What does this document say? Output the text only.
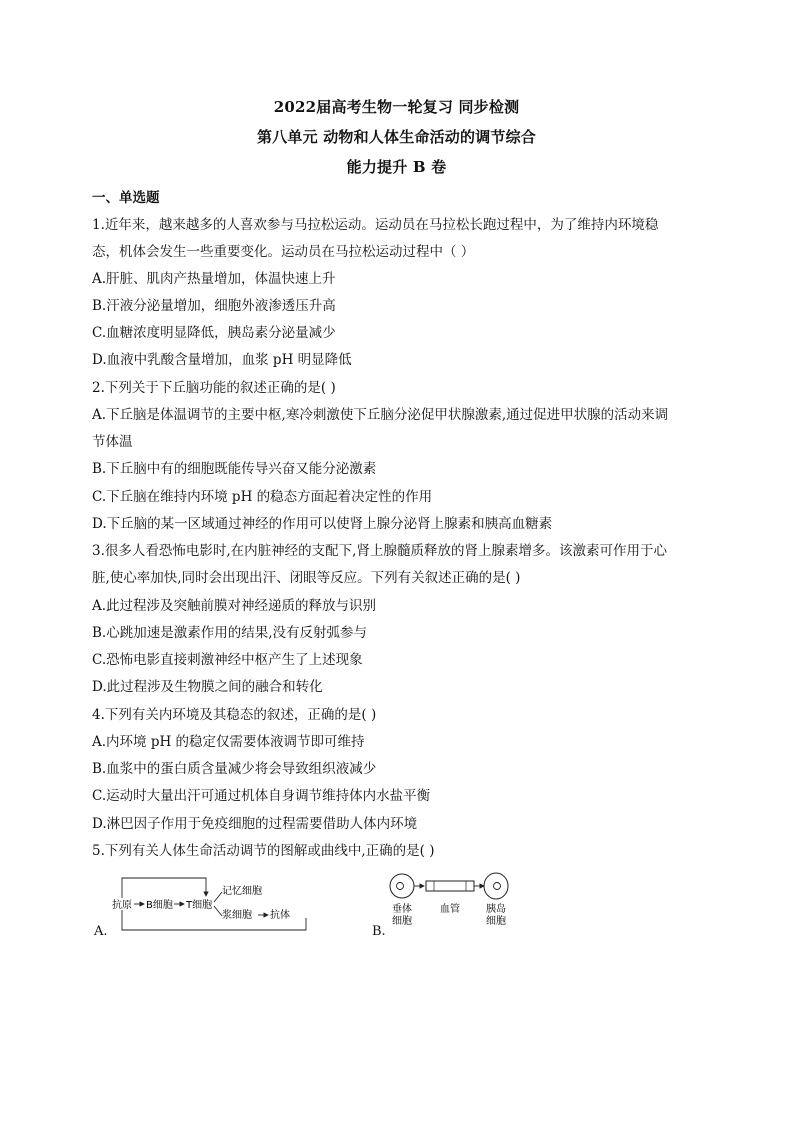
2022届高考生物一轮复习 同步检测
第八单元 动物和人体生命活动的调节综合
能力提升 B 卷
一、单选题
1.近年来，越来越多的人喜欢参与马拉松运动。运动员在马拉松长跑过程中，为了维持内环境稳
态，机体会发生一些重要变化。运动员在马拉松运动过程中（ ）
A.肝脏、肌肉产热量增加，体温快速上升
B.汗液分泌量增加，细胞外液渗透压升高
C.血糖浓度明显降低，胰岛素分泌量减少
D.血液中乳酸含量增加，血浆 pH 明显降低
2.下列关于下丘脑功能的叙述正确的是( )
A.下丘脑是体温调节的主要中枢,寒冷刺激使下丘脑分泌促甲状腺激素,通过促进甲状腺的活动来调
节体温
B.下丘脑中有的细胞既能传导兴奋又能分泌激素
C.下丘脑在维持内环境 pH 的稳态方面起着决定性的作用
D.下丘脑的某一区域通过神经的作用可以使肾上腺分泌肾上腺素和胰高血糖素
3.很多人看恐怖电影时,在内脏神经的支配下,肾上腺髓质释放的肾上腺素增多。该激素可作用于心
脏,使心率加快,同时会出现出汗、闭眼等反应。下列有关叙述正确的是( )
A.此过程涉及突触前膜对神经递质的释放与识别
B.心跳加速是激素作用的结果,没有反射弧参与
C.恐怖电影直接刺激神经中枢产生了上述现象
D.此过程涉及生物膜之间的融合和转化
4.下列有关内环境及其稳态的叙述，正确的是( )
A.内环境 pH 的稳定仅需要体液调节即可维持
B.血浆中的蛋白质含量减少将会导致组织液减少
C.运动时大量出汗可通过机体自身调节维持体内水盐平衡
D.淋巴因子作用于免疫细胞的过程需要借助人体内环境
5.下列有关人体生命活动调节的图解或曲线中,正确的是( )
抗原 B细胞 T细胞
记忆细胞
浆细胞 抗体
A.
垂体
细胞
血管	胰岛
细胞
B.
